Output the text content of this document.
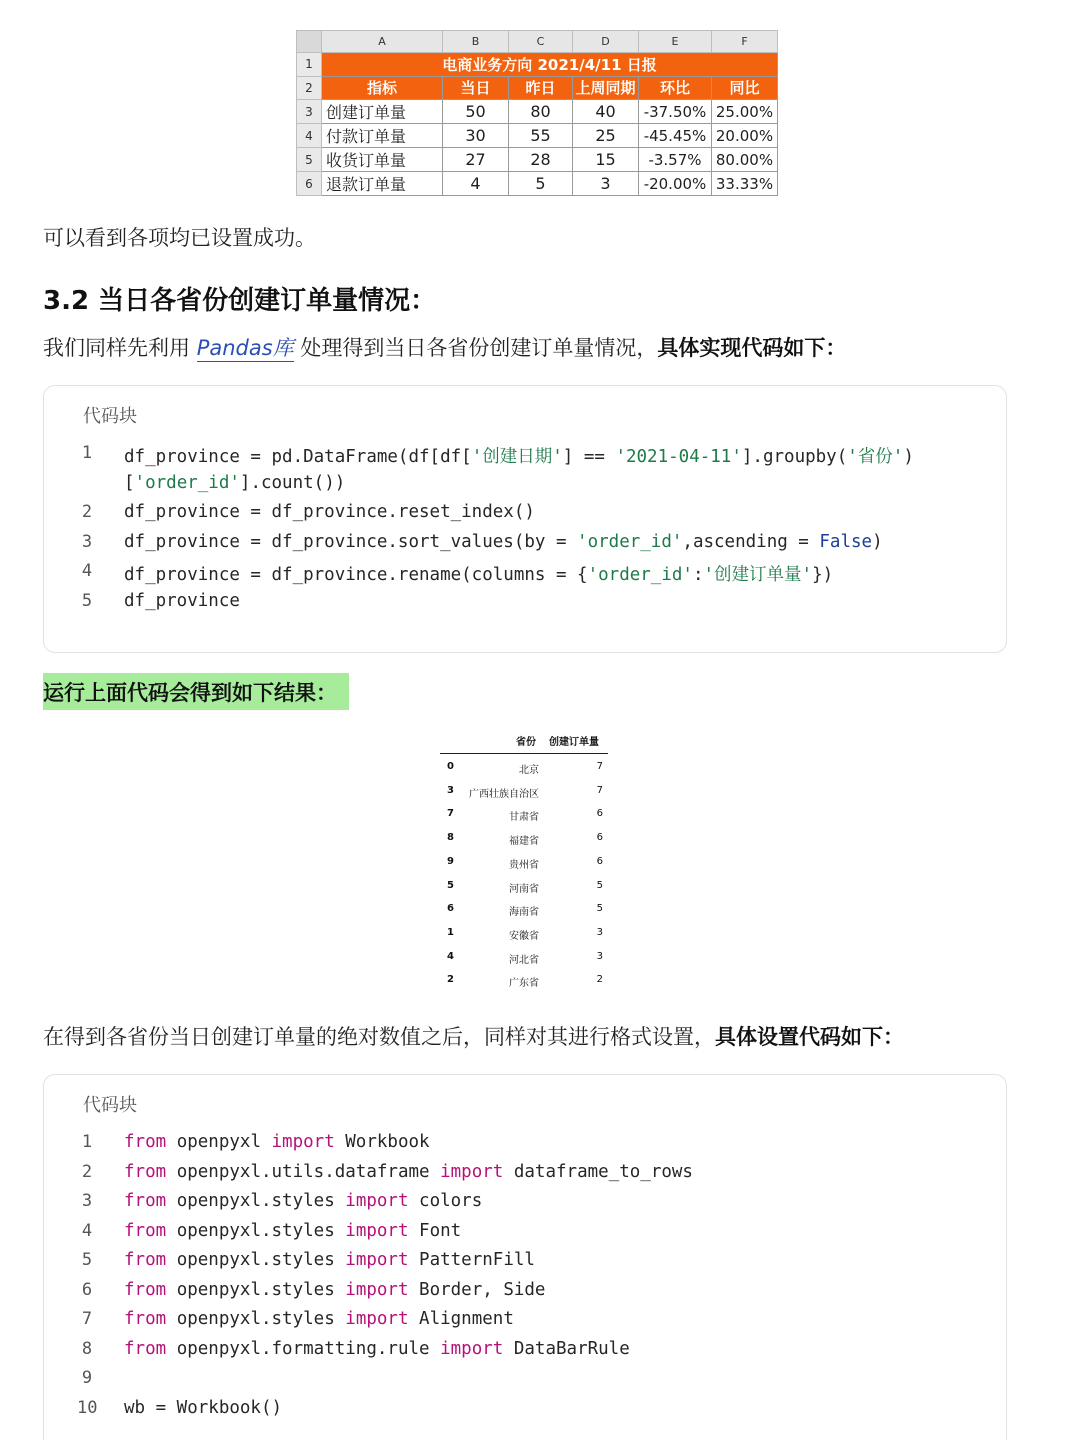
	A	B	C	D	E	F
1	电商业务方向 2021/4/11 日报					
2	指标	当日	昨日	上周同期	环比	同比
3	创建订单量	50	80	40	-37.50%	25.00%
4	付款订单量	30	55	25	-45.45%	20.00%
5	收货订单量	27	28	15	-3.57%	80.00%
6	退款订单量	4	5	3	-20.00%	33.33%
可以看到各项均已设置成功。
3.2 当日各省份创建订单量情况：
我们同样先利用 Pandas库 处理得到当日各省份创建订单量情况，具体实现代码如下：
代码块
1 df_province = pd.DataFrame(df[df['创建日期'] == '2021-04-11'].groupby('省份')
['order_id'].count())
2 df_province = df_province.reset_index()
3 df_province = df_province.sort_values(by = 'order_id',ascending = False)
4 df_province = df_province.rename(columns = {'order_id':'创建订单量'})
5 df_province
运行上面代码会得到如下结果：
省份 创建订单量
0	北京	7
3 广西壮族自治区	7
7	甘肃省	6
8	福建省	6
9	贵州省	6
5	河南省	5
6	海南省	5
1	安徽省	3
4	河北省	3
2	广东省	2
在得到各省份当日创建订单量的绝对数值之后，同样对其进行格式设置，具体设置代码如下：
代码块
1 from openpyxl import Workbook
2 from openpyxl.utils.dataframe import dataframe_to_rows
3 from openpyxl.styles import colors
4 from openpyxl.styles import Font
5 from openpyxl.styles import PatternFill
6 from openpyxl.styles import Border, Side
7 from openpyxl.styles import Alignment
8 from openpyxl.formatting.rule import DataBarRule
9
10 wb = Workbook()
